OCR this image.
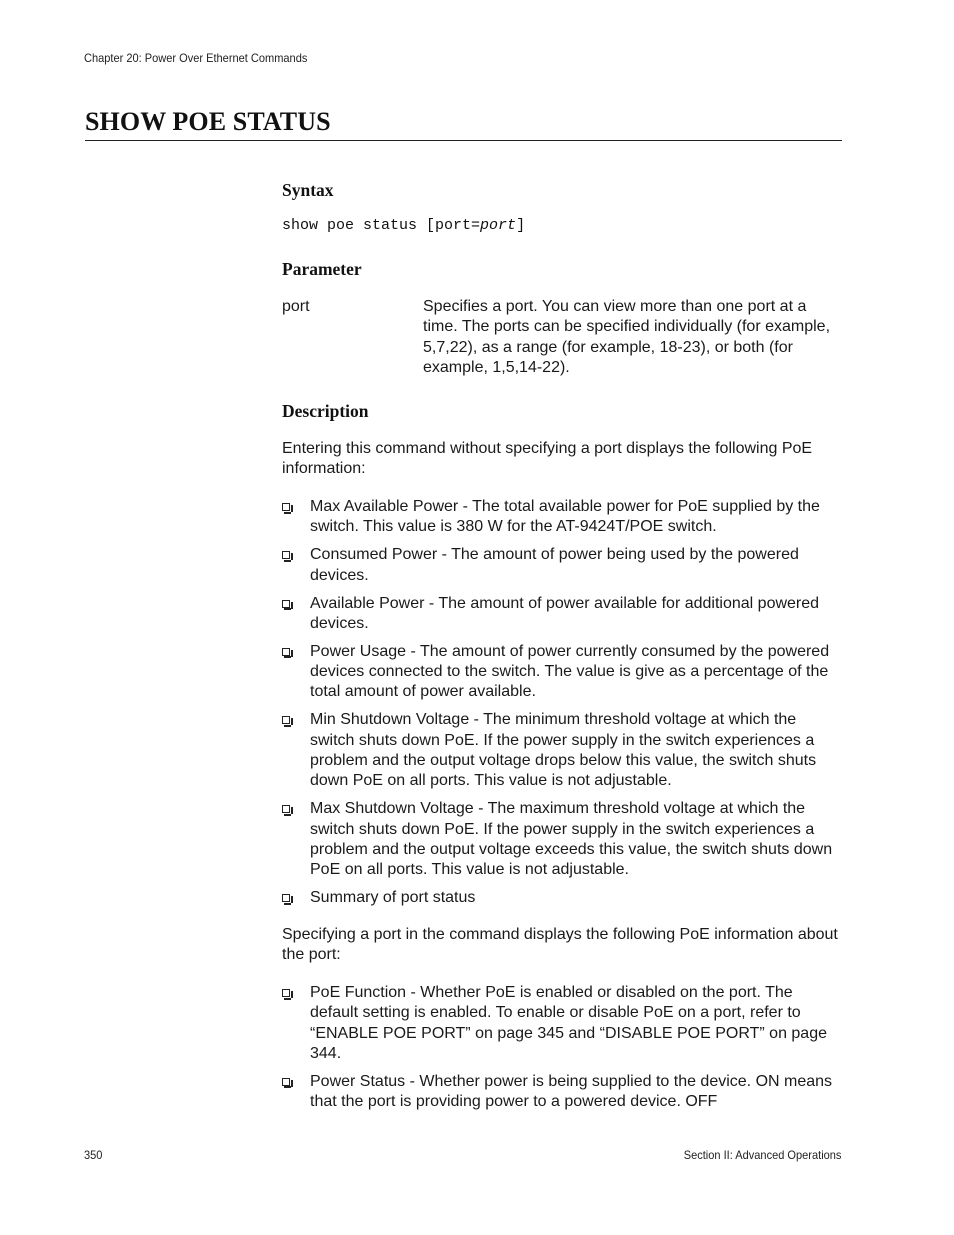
Chapter 20: Power Over Ethernet Commands
SHOW POE STATUS
Syntax
show poe status [port=port]
Parameter
port	Specifies a port. You can view more than one port at a time. The ports can be specified individually (for example, 5,7,22), as a range (for example, 18-23), or both (for example, 1,5,14-22).
Description
Entering this command without specifying a port displays the following PoE information:
Max Available Power - The total available power for PoE supplied by the switch. This value is 380 W for the AT-9424T/POE switch.
Consumed Power - The amount of power being used by the powered devices.
Available Power - The amount of power available for additional powered devices.
Power Usage - The amount of power currently consumed by the powered devices connected to the switch. The value is give as a percentage of the total amount of power available.
Min Shutdown Voltage - The minimum threshold voltage at which the switch shuts down PoE. If the power supply in the switch experiences a problem and the output voltage drops below this value, the switch shuts down PoE on all ports. This value is not adjustable.
Max Shutdown Voltage - The maximum threshold voltage at which the switch shuts down PoE. If the power supply in the switch experiences a problem and the output voltage exceeds this value, the switch shuts down PoE on all ports. This value is not adjustable.
Summary of port status
Specifying a port in the command displays the following PoE information about the port:
PoE Function - Whether PoE is enabled or disabled on the port. The default setting is enabled. To enable or disable PoE on a port, refer to “ENABLE POE PORT” on page 345 and “DISABLE POE PORT” on page 344.
Power Status - Whether power is being supplied to the device. ON means that the port is providing power to a powered device. OFF
350	Section II: Advanced Operations
